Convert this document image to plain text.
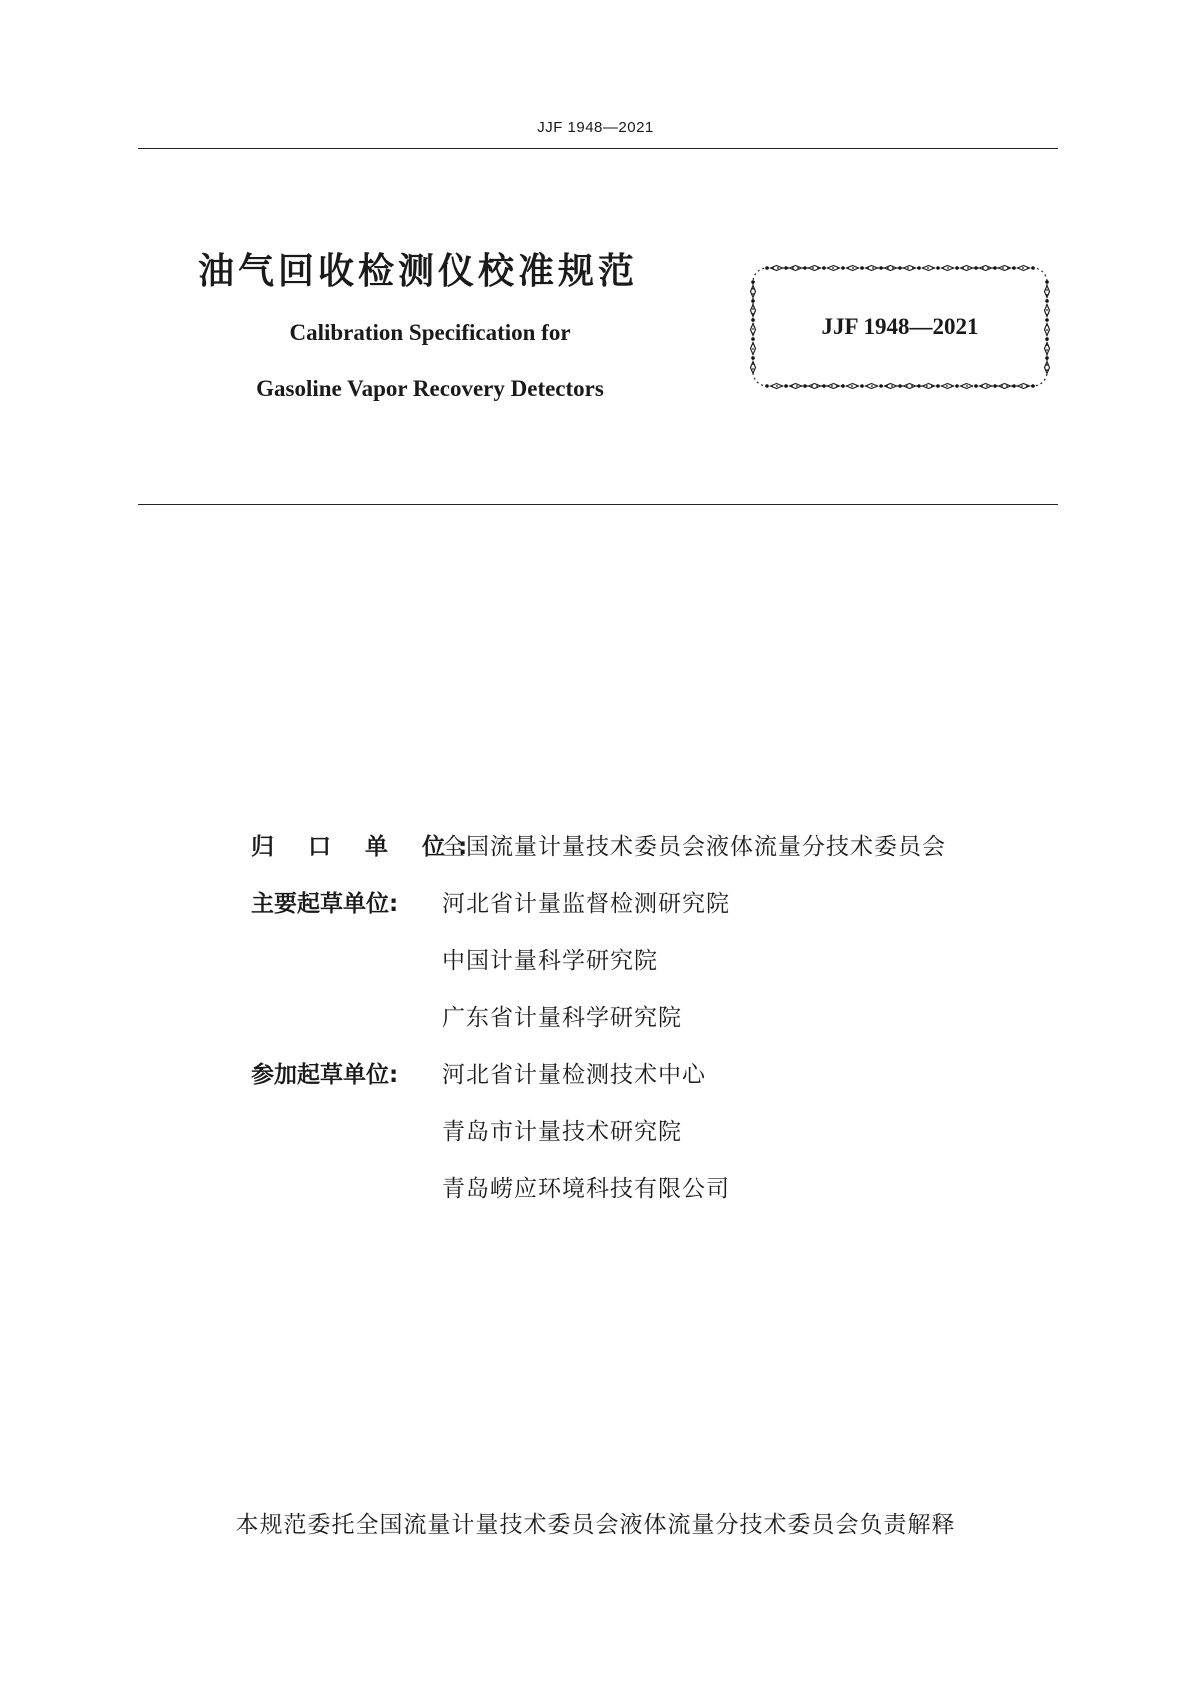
JJF 1948—2021
油气回收检测仪校准规范
Calibration Specification for
Gasoline Vapor Recovery Detectors
JJF 1948—2021
归 口 单 位:全国流量计量技术委员会液体流量分技术委员会
主要起草单位: 河北省计量监督检测研究院
中国计量科学研究院
广东省计量科学研究院
参加起草单位: 河北省计量检测技术中心
青岛市计量技术研究院
青岛崂应环境科技有限公司
本规范委托全国流量计量技术委员会液体流量分技术委员会负责解释
